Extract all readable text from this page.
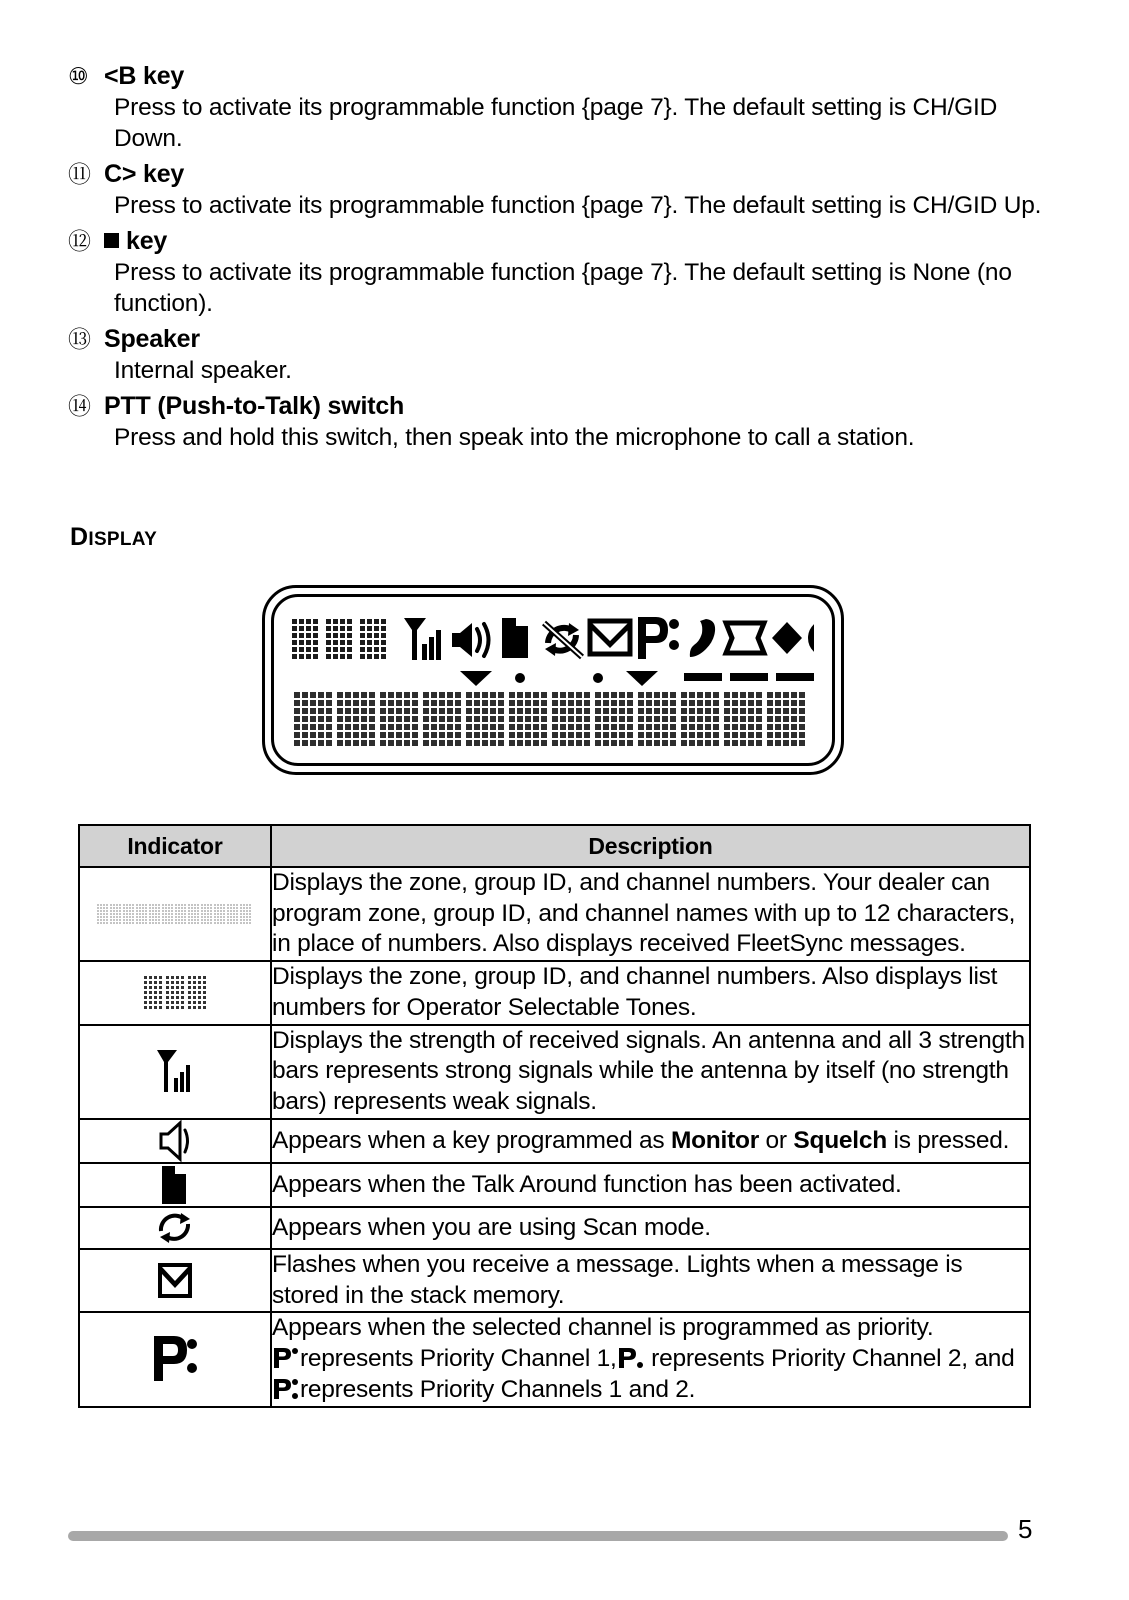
⑩ <B key
Press to activate its programmable function {page 7}. The default setting is CH/GID Down.
⑪ C> key
Press to activate its programmable function {page 7}. The default setting is CH/GID Up.
⑫	key
Press to activate its programmable function {page 7}. The default setting is None (no function).
⑬ Speaker
Internal speaker.
⑭ PTT (Push-to-Talk) switch
Press and hold this switch, then speak into the microphone to call a station.
DISPLAY
Indicator	Description
	Displays the zone, group ID, and channel numbers. Your dealer can program zone, group ID, and channel names with up to 12 characters, in place of numbers. Also displays received FleetSync messages.
	Displays the zone, group ID, and channel numbers. Also displays list numbers for Operator Selectable Tones.
	Displays the strength of received signals. An antenna and all 3 strength bars represents strong signals while the antenna by itself (no strength bars) represents weak signals.
	Appears when a key programmed as Monitor or Squelch is pressed.
	Appears when the Talk Around function has been activated.
	Appears when you are using Scan mode.
	Flashes when you receive a message. Lights when a message is stored in the stack memory.
	Appears when the selected channel is programmed as priority.
represents Priority Channel 1, represents Priority Channel 2, andrepresents Priority Channels 1 and 2.
5
